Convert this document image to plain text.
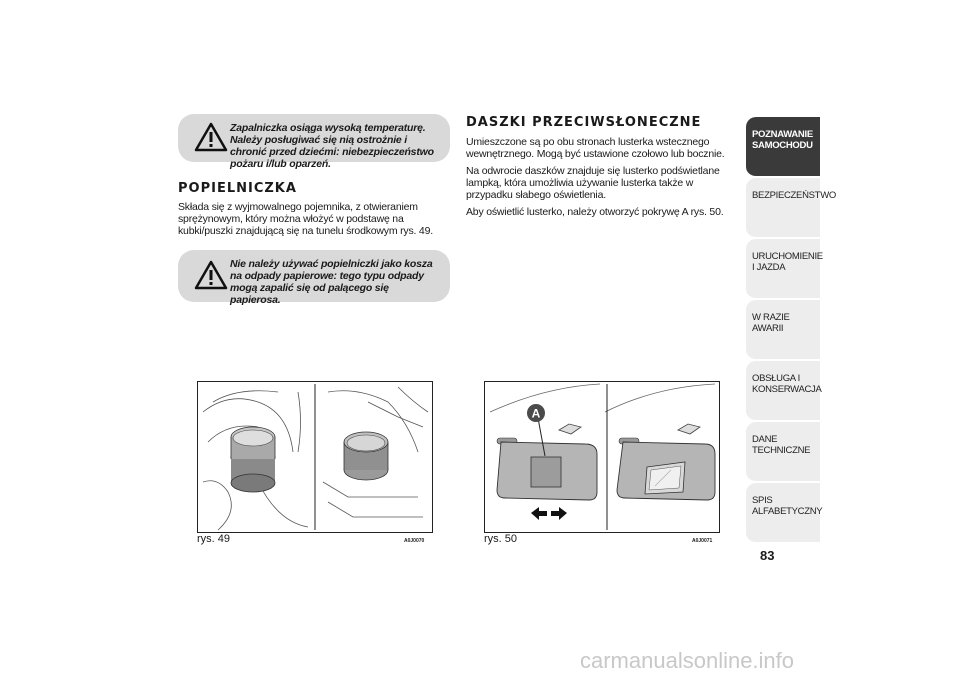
Zapalniczka osiąga wysoką temperaturę. Należy posługiwać się nią ostrożnie i chronić przed dziećmi: niebezpieczeństwo pożaru i/lub oparzeń.
POPIELNICZKA

Składa się z wyjmowalnego pojemnika, z otwieraniem sprężynowym, który można włożyć w podstawę na kubki/puszki znajdującą się na tunelu środkowym rys. 49.

Nie należy używać popielniczki jako kosza na odpady papierowe: tego typu odpady mogą zapalić się od palącego się papierosa.
DASZKI PRZECIWSŁONECZNE

Umieszczone są po obu stronach lusterka wstecznego wewnętrznego. Mogą być ustawione czołowo lub bocznie.

Na odwrocie daszków znajduje się lusterko podświetlane lampką, która umożliwia używanie lusterka także w przypadku słabego oświetlenia.

Aby oświetlić lusterko, należy otworzyć pokrywę A rys. 50.

rys. 49	A0J0070
A
rys. 50	A0J0071
POZNAWANIE SAMOCHODU
BEZPIECZEŃSTWO
URUCHOMIENIE I JAZDA
W RAZIE AWARII
OBSŁUGA I KONSERWACJA
DANE TECHNICZNE
SPIS ALFABETYCZNY
83
carmanualsonline.info
